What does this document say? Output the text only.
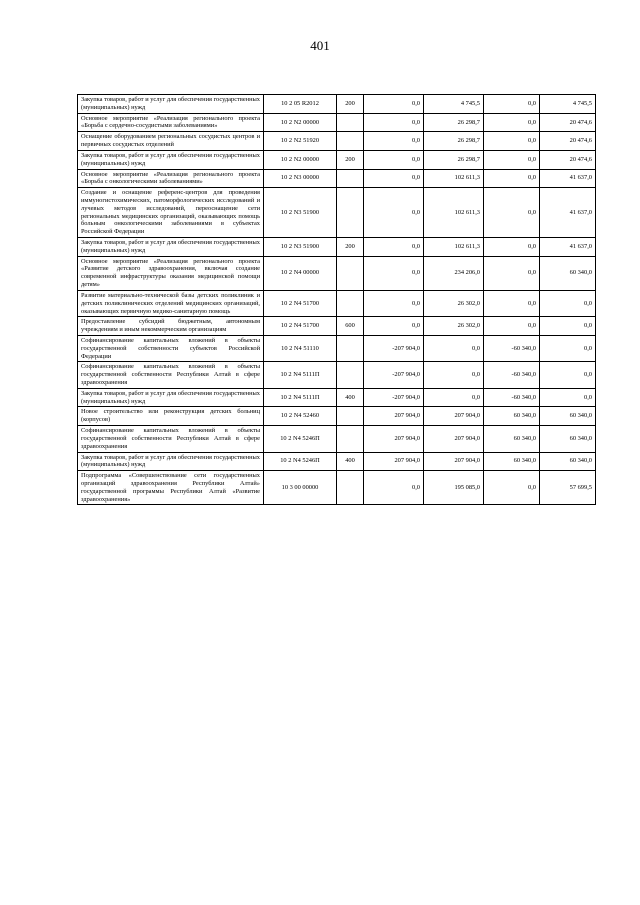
401
Закупка товаров, работ и услуг для обеспечения государственных (муниципальных) нужд	10 2 05 R2012	200	0,0	4 745,5	0,0	4 745,5
Основное мероприятие «Реализация регионального проекта «Борьба с сердечно-сосудистыми заболеваниями»	10 2 N2 00000		0,0	26 298,7	0,0	20 474,6
Оснащение оборудованием региональных сосудистых центров и первичных сосудистых отделений	10 2 N2 51920		0,0	26 298,7	0,0	20 474,6
Закупка товаров, работ и услуг для обеспечения государственных (муниципальных) нужд	10 2 N2 00000	200	0,0	26 298,7	0,0	20 474,6
Основное мероприятие «Реализация регионального проекта «Борьба с онкологическими заболеваниями»	10 2 N3 00000		0,0	102 611,3	0,0	41 637,0
Создание и оснащение референс-центров для проведения иммуногистохимических, патоморфологических исследований и лучевых методов исследований, переоснащение сети региональных медицинских организаций, оказывающих помощь больным онкологическими заболеваниями в субъектах Российской Федерации	10 2 N3 51900		0,0	102 611,3	0,0	41 637,0
Закупка товаров, работ и услуг для обеспечения государственных (муниципальных) нужд	10 2 N3 51900	200	0,0	102 611,3	0,0	41 637,0
Основное мероприятие «Реализация регионального проекта «Развитие детского здравоохранения, включая создание современной инфраструктуры оказания медицинской помощи детям»	10 2 N4 00000		0,0	234 206,0	0,0	60 340,0
Развитие материально-технической базы детских поликлиник и детских поликлинических отделений медицинских организаций, оказывающих первичную медико-санитарную помощь	10 2 N4 51700		0,0	26 302,0	0,0	0,0
Предоставление субсидий бюджетным, автономным учреждениям и иным некоммерческим организациям	10 2 N4 51700	600	0,0	26 302,0	0,0	0,0
Софинансирование капитальных вложений в объекты государственной собственности субъектов Российской Федерации	10 2 N4 51110		-207 904,0	0,0	-60 340,0	0,0
Софинансирование капитальных вложений в объекты государственной собственности Республики Алтай в сфере здравоохранения	10 2 N4 5111П		-207 904,0	0,0	-60 340,0	0,0
Закупка товаров, работ и услуг для обеспечения государственных (муниципальных) нужд	10 2 N4 5111П	400	-207 904,0	0,0	-60 340,0	0,0
Новое строительство или реконструкция детских больниц (корпусов)	10 2 N4 52460		207 904,0	207 904,0	60 340,0	60 340,0
Софинансирование капитальных вложений в объекты государственной собственности Республики Алтай в сфере здравоохранения	10 2 N4 5246П		207 904,0	207 904,0	60 340,0	60 340,0
Закупка товаров, работ и услуг для обеспечения государственных (муниципальных) нужд	10 2 N4 5246П	400	207 904,0	207 904,0	60 340,0	60 340,0
Подпрограмма «Совершенствование сети государственных организаций здравоохранения Республики Алтай» государственной программы Республики Алтай «Развитие здравоохранения»	10 3 00 00000		0,0	195 085,0	0,0	57 699,5
